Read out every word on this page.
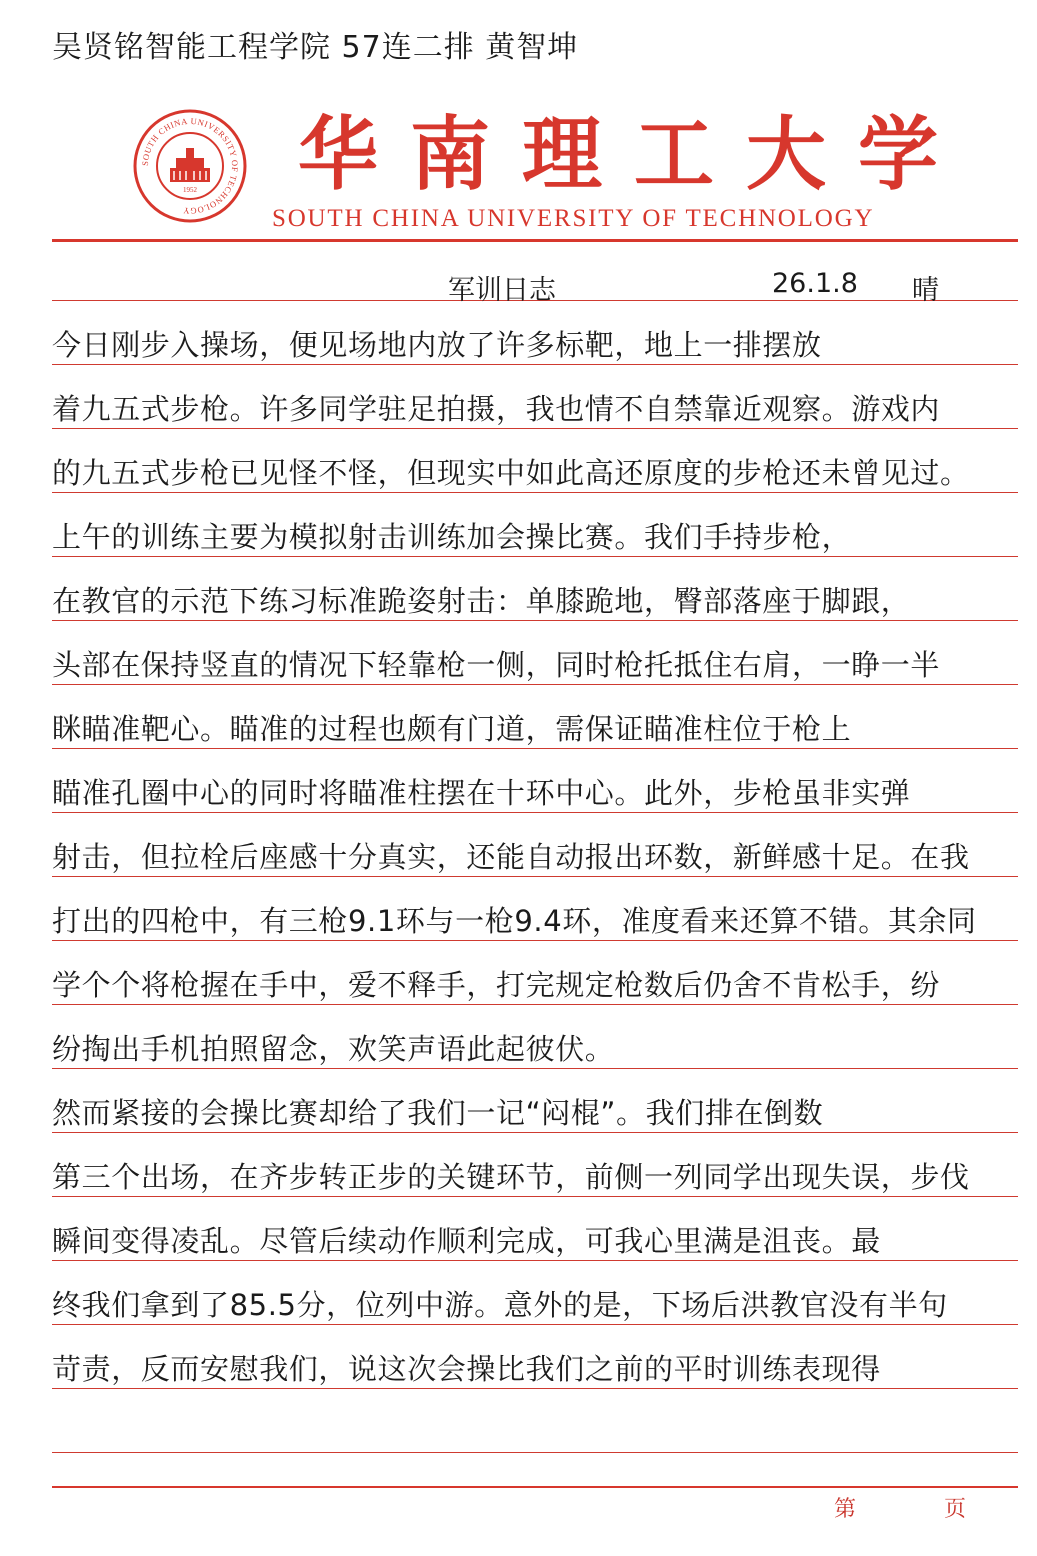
吴贤铭智能工程学院 57连二排 黄智坤
SOUTH CHINA UNIVERSITY OF TECHNOLOGY
1952 华南理工大学
SOUTH CHINA UNIVERSITY OF TECHNOLOGY
军训日志	26.1.8 晴
今日刚步入操场，便见场地内放了许多标靶，地上一排摆放
着九五式步枪。许多同学驻足拍摄，我也情不自禁靠近观察。游戏内
的九五式步枪已见怪不怪，但现实中如此高还原度的步枪还未曾见过。
上午的训练主要为模拟射击训练加会操比赛。我们手持步枪，
在教官的示范下练习标准跪姿射击：单膝跪地，臀部落座于脚跟，
头部在保持竖直的情况下轻靠枪一侧，同时枪托抵住右肩，一睁一半
眯瞄准靶心。瞄准的过程也颇有门道，需保证瞄准柱位于枪上
瞄准孔圈中心的同时将瞄准柱摆在十环中心。此外，步枪虽非实弹
射击，但拉栓后座感十分真实，还能自动报出环数，新鲜感十足。在我
打出的四枪中，有三枪9.1环与一枪9.4环，准度看来还算不错。其余同
学个个将枪握在手中，爱不释手，打完规定枪数后仍舍不肯松手，纷
纷掏出手机拍照留念，欢笑声语此起彼伏。
然而紧接的会操比赛却给了我们一记“闷棍”。我们排在倒数
第三个出场，在齐步转正步的关键环节，前侧一列同学出现失误，步伐
瞬间变得凌乱。尽管后续动作顺利完成，可我心里满是沮丧。最
终我们拿到了85.5分，位列中游。意外的是，下场后洪教官没有半句
苛责，反而安慰我们，说这次会操比我们之前的平时训练表现得
第	页
